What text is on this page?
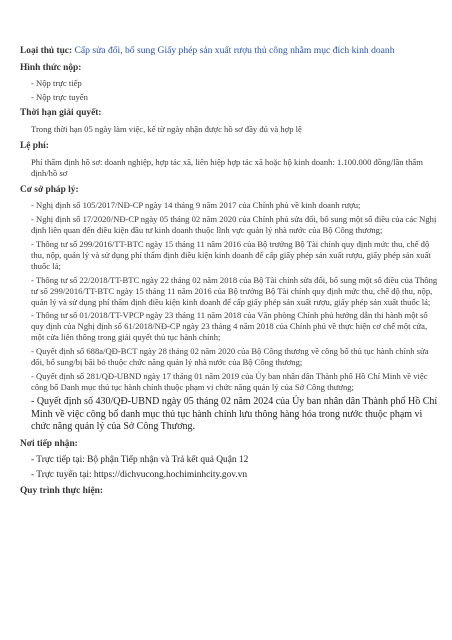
Loại thủ tục: Cấp sửa đổi, bổ sung Giấy phép sản xuất rượu thủ công nhằm mục đích kinh doanh
Hình thức nộp:
- Nộp trực tiếp
- Nộp trực tuyến
Thời hạn giải quyết:
Trong thời hạn 05 ngày làm việc, kể từ ngày nhận được hồ sơ đầy đủ và hợp lệ
Lệ phí:
Phí thẩm định hồ sơ: doanh nghiệp, hợp tác xã, liên hiệp hợp tác xã hoặc hộ kinh doanh: 1.100.000 đồng/lần thẩm định/hồ sơ
Cơ sở pháp lý:
- Nghị định số 105/2017/NĐ-CP ngày 14 tháng 9 năm 2017 của Chính phủ về kinh doanh rượu;
- Nghị định số 17/2020/NĐ-CP ngày 05 tháng 02 năm 2020 của Chính phủ sửa đổi, bổ sung một số điều của các Nghị định liên quan đến điều kiện đầu tư kinh doanh thuộc lĩnh vực quản lý nhà nước của Bộ Công thương;
- Thông tư số 299/2016/TT-BTC ngày 15 tháng 11 năm 2016 của Bộ trưởng Bộ Tài chính quy định mức thu, chế độ thu, nộp, quản lý và sử dụng phí thẩm định điều kiện kinh doanh để cấp giấy phép sản xuất rượu, giấy phép sản xuất thuốc lá;
- Thông tư số 22/2018/TT-BTC ngày 22 tháng 02 năm 2018 của Bộ Tài chính sửa đổi, bổ sung một số điều của Thông tư số 299/2016/TT-BTC ngày 15 tháng 11 năm 2016 của Bộ trưởng Bộ Tài chính quy định mức thu, chế độ thu, nộp, quản lý và sử dụng phí thẩm định điều kiện kinh doanh để cấp giấy phép sản xuất rượu, giấy phép sản xuất thuốc lá;
- Thông tư số 01/2018/TT-VPCP ngày 23 tháng 11 năm 2018 của Văn phòng Chính phủ hướng dẫn thi hành một số quy định của Nghị định số 61/2018/NĐ-CP ngày 23 tháng 4 năm 2018 của Chính phủ về thực hiện cơ chế một cửa, một cửa liên thông trong giải quyết thủ tục hành chính;
- Quyết định số 688a/QĐ-BCT ngày 28 tháng 02 năm 2020 của Bộ Công thương về công bố thủ tục hành chính sửa đổi, bổ sung/bị bãi bỏ thuộc chức năng quản lý nhà nước của Bộ Công thương;
- Quyết định số 281/QĐ-UBND ngày 17 tháng 01 năm 2019 của Ủy ban nhân dân Thành phố Hồ Chí Minh về việc công bố Danh mục thủ tục hành chính thuộc phạm vi chức năng quản lý của Sở Công thương;
- Quyết định số 430/QĐ-UBND ngày 05 tháng 02 năm 2024 của Ủy ban nhân dân Thành phố Hồ Chí Minh về việc công bố danh mục thủ tục hành chính lưu thông hàng hóa trong nước thuộc phạm vi chức năng quản lý của Sở Công Thương.
Nơi tiếp nhận:
- Trực tiếp tại: Bộ phận Tiếp nhận và Trả kết quả Quận 12
- Trực tuyến tại: https://dichvucong.hochiminhcity.gov.vn
Quy trình thực hiện:
